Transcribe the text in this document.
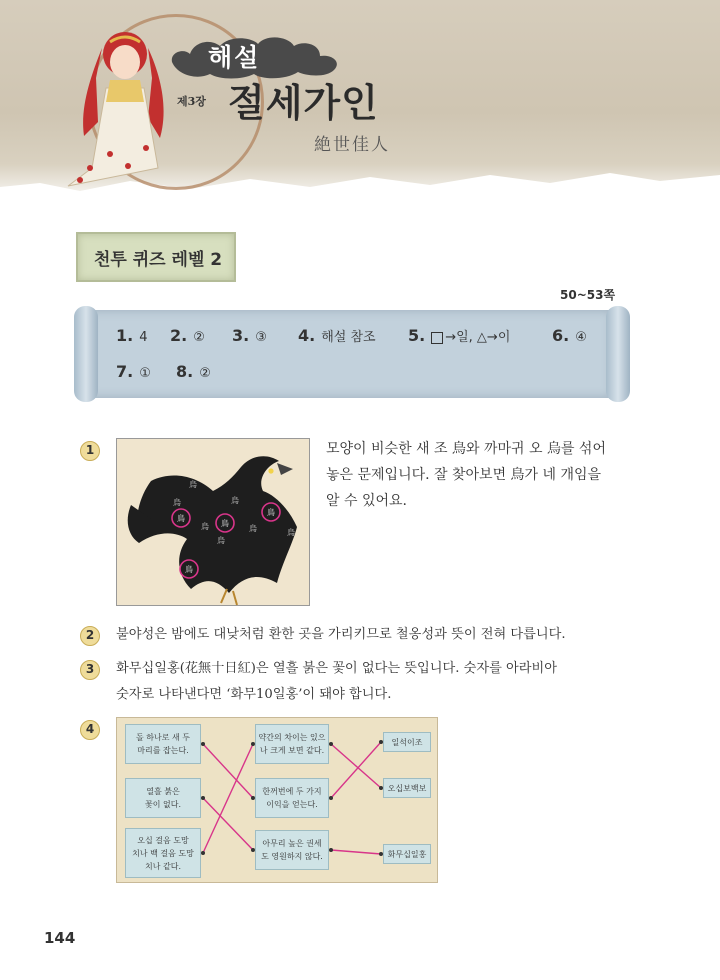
해설
제3장 절세가인
絶世佳人
천투 퀴즈 레벨 2
50~53쪽
1. 4 2. ② 3. ③ 4. 해설 참조 5. →일, △→이	6. ④
7. ① 8. ②
1
烏
烏	烏
烏	烏
烏
烏
鳥
鳥
鳥
鳥
모양이 비슷한 새 조 鳥와 까마귀 오 烏를 섞어
놓은 문제입니다. 잘 찾아보면 鳥가 네 개임을
알 수 있어요.
2	불야성은 밤에도 대낮처럼 환한 곳을 가리키므로 철옹성과 뜻이 전혀 다릅니다.
3	화무십일홍(花無十日紅)은 열흘 붉은 꽃이 없다는 뜻입니다. 숫자를 아라비아
숫자로 나타낸다면 ‘화무10일홍’이 돼야 합니다.
4
돌 하나로 새 두
마리를 잡는다.
열흘 붉은
꽃이 없다.
오십 걸음 도망
치나 백 걸음 도망
치나 같다.
약간의 차이는 있으
나 크게 보면 같다.
한꺼번에 두 가지
이익을 얻는다.
아무리 높은 권세
도 영원하지 않다.
일석이조
오십보백보
화무십일홍
144
